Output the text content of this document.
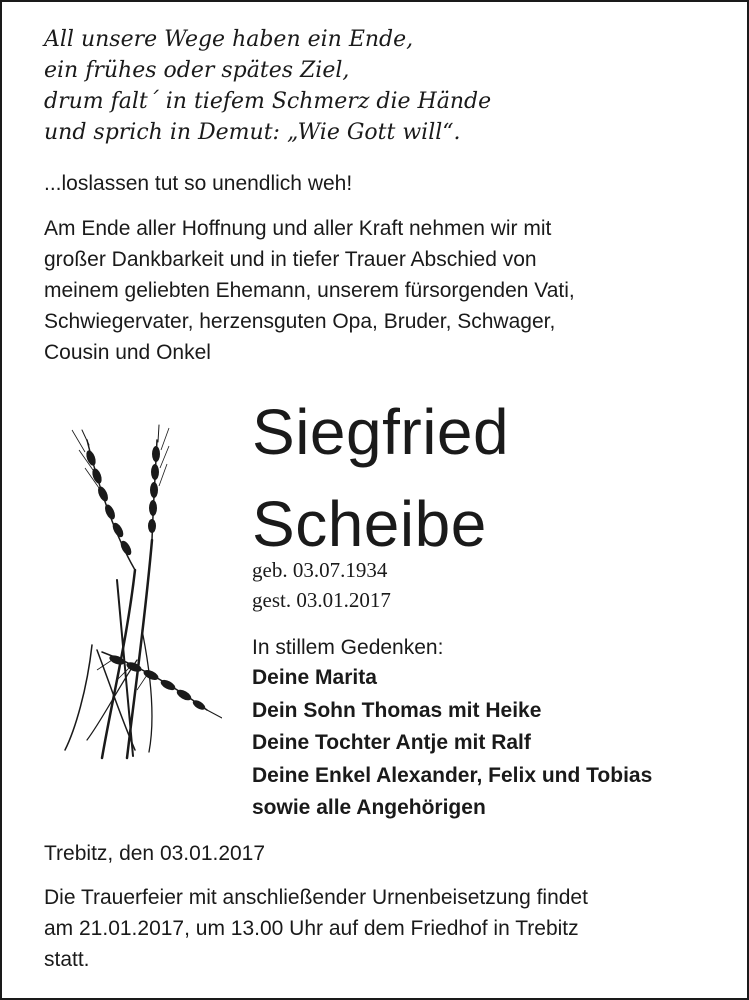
All unsere Wege haben ein Ende,
ein frühes oder spätes Ziel,
drum falt´ in tiefem Schmerz die Hände
und sprich in Demut: „Wie Gott will“.
...loslassen tut so unendlich weh!
Am Ende aller Hoffnung und aller Kraft nehmen wir mit
großer Dankbarkeit und in tiefer Trauer Abschied von
meinem geliebten Ehemann, unserem fürsorgenden Vati,
Schwiegervater, herzensguten Opa, Bruder, Schwager,
Cousin und Onkel
Siegfried
Scheibe
geb. 03.07.1934
gest. 03.01.2017
In stillem Gedenken:
Deine Marita
Dein Sohn Thomas mit Heike
Deine Tochter Antje mit Ralf
Deine Enkel Alexander, Felix und Tobias
sowie alle Angehörigen
Trebitz, den 03.01.2017
Die Trauerfeier mit anschließender Urnenbeisetzung findet
am 21.01.2017, um 13.00 Uhr auf dem Friedhof in Trebitz
statt.
